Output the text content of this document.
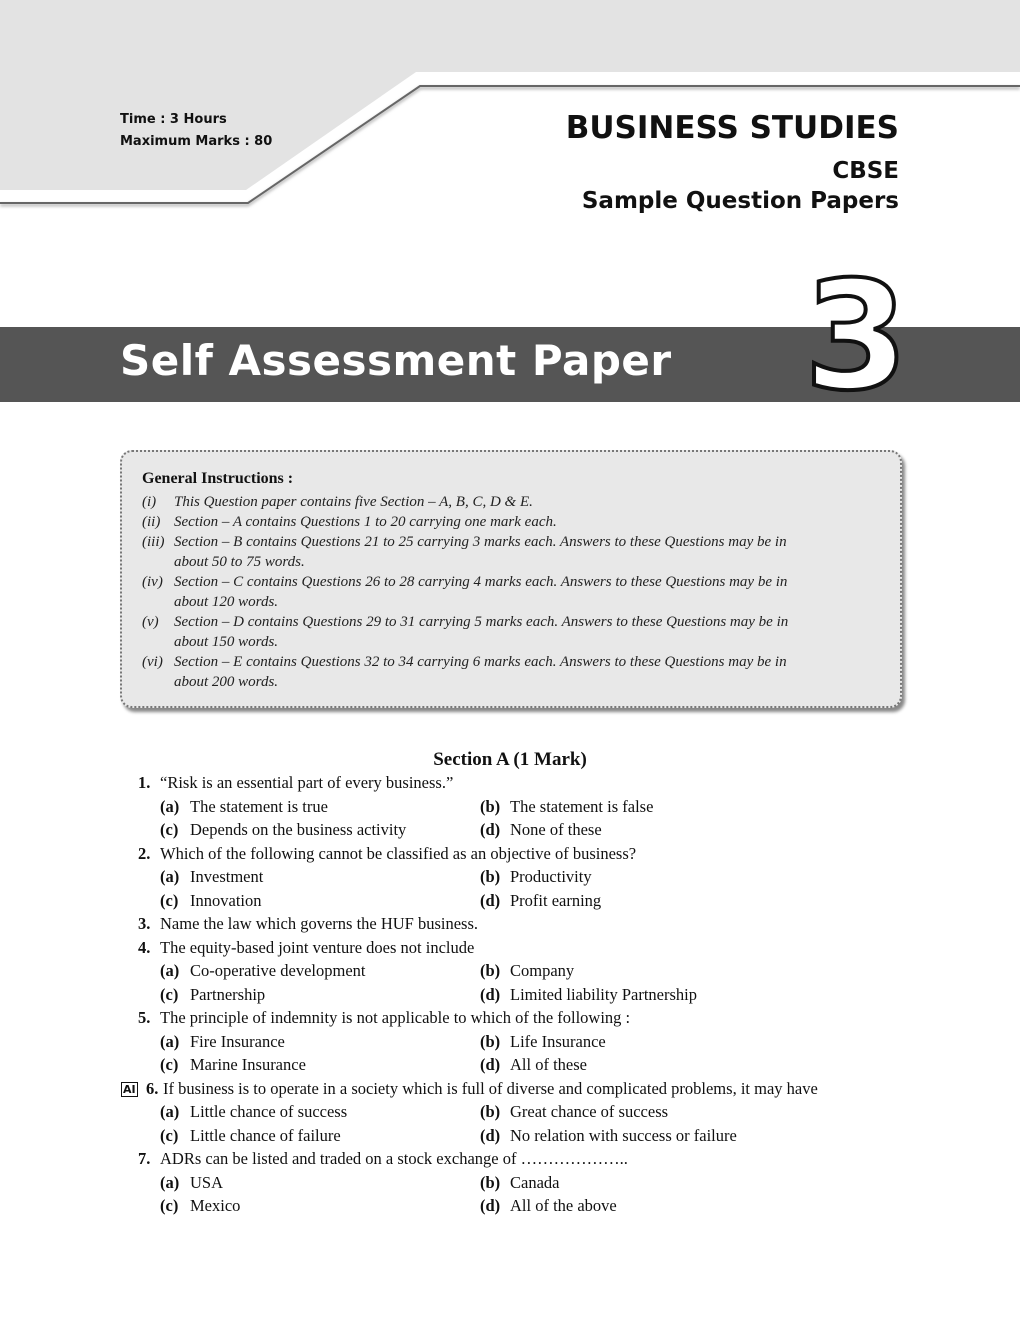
Time : 3 Hours
Maximum Marks : 80	BUSINESS STUDIES
CBSE
Sample Question Papers
Self Assessment Paper 3
General Instructions :
(i)	This Question paper contains five Section – A, B, C, D & E.
(ii) Section – A contains Questions 1 to 20 carrying one mark each.
(iii) Section – B contains Questions 21 to 25 carrying 3 marks each. Answers to these Questions may be in
about 50 to 75 words.
(iv) Section – C contains Questions 26 to 28 carrying 4 marks each. Answers to these Questions may be in
about 120 words.
(v)	Section – D contains Questions 29 to 31 carrying 5 marks each. Answers to these Questions may be in
about 150 words.
(vi) Section – E contains Questions 32 to 34 carrying 6 marks each. Answers to these Questions may be in
about 200 words.
Section A (1 Mark)
1. “Risk is an essential part of every business.”
(a) The statement is true	(b) The statement is false
(c) Depends on the business activity	(d) None of these
2. Which of the following cannot be classified as an objective of business?
(a) Investment	(b) Productivity
(c) Innovation	(d) Profit earning
3. Name the law which governs the HUF business.
4. The equity-based joint venture does not include
(a) Co-operative development	(b) Company
(c) Partnership	(d) Limited liability Partnership
5. The principle of indemnity is not applicable to which of the following :
(a) Fire Insurance	(b) Life Insurance
(c) Marine Insurance	(d) All of these
AI 6. If business is to operate in a society which is full of diverse and complicated problems, it may have
(a) Little chance of success	(b) Great chance of success
(c) Little chance of failure	(d) No relation with success or failure
7. ADRs can be listed and traded on a stock exchange of ………………..
(a) USA	(b) Canada
(c) Mexico	(d) All of the above
